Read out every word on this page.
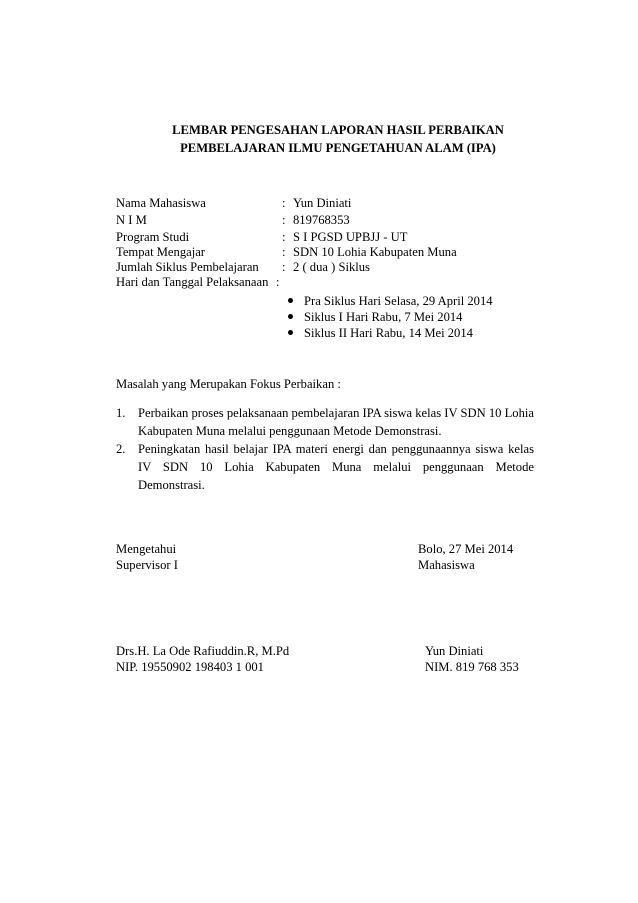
LEMBAR PENGESAHAN LAPORAN HASIL PERBAIKAN
PEMBELAJARAN ILMU PENGETAHUAN ALAM (IPA)
Nama Mahasiswa	: Yun Diniati
N I M	: 819768353
Program Studi	: S I PGSD UPBJJ - UT
Tempat Mengajar	: SDN 10 Lohia Kabupaten Muna
Jumlah Siklus Pembelajaran : 2 ( dua ) Siklus
Hari dan Tanggal Pelaksanaan :
Pra Siklus Hari Selasa, 29 April 2014
Siklus I Hari Rabu, 7 Mei 2014
Siklus II Hari Rabu, 14 Mei 2014
Masalah yang Merupakan Fokus Perbaikan :
1. Perbaikan proses pelaksanaan pembelajaran IPA siswa kelas IV SDN 10 Lohia Kabupaten Muna melalui penggunaan Metode Demonstrasi.
2. Peningkatan hasil belajar IPA materi energi dan penggunaannya siswa kelas IV SDN 10 Lohia Kabupaten Muna melalui penggunaan Metode Demonstrasi.
Mengetahui
Supervisor I
Bolo, 27 Mei 2014
Mahasiswa
Drs.H. La Ode Rafiuddin.R, M.Pd
NIP. 19550902 198403 1 001
Yun Diniati
NIM. 819 768 353
